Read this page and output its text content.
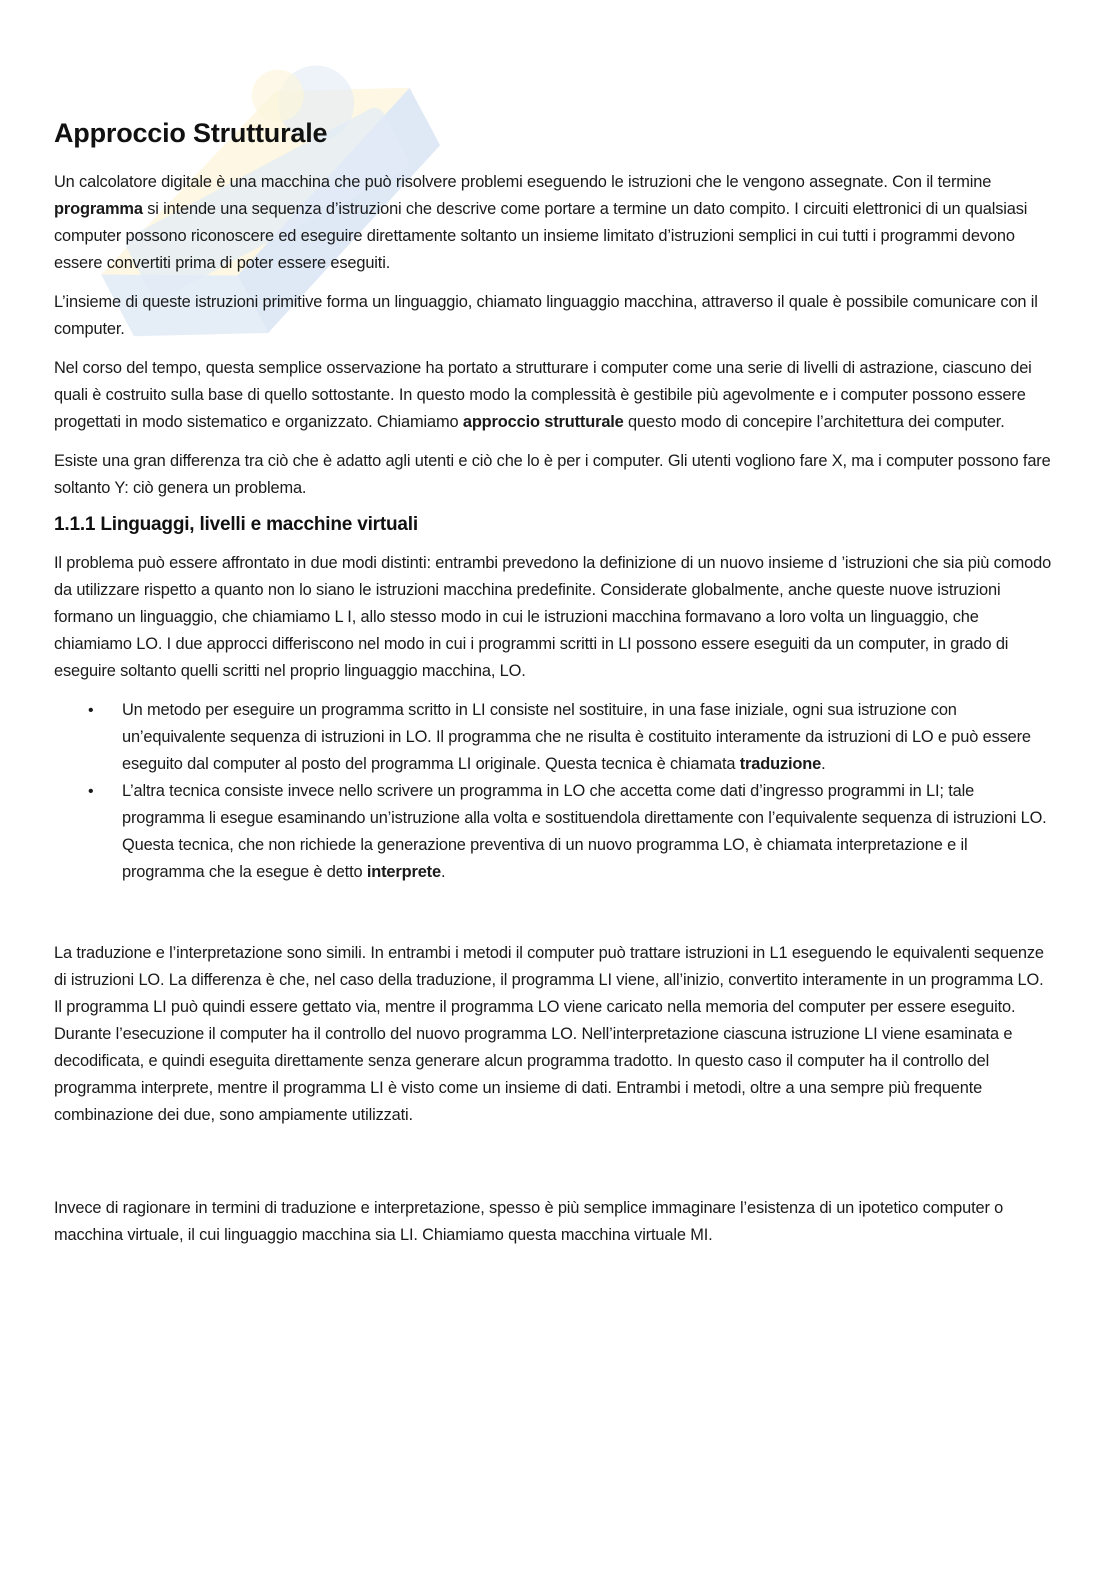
Approccio Strutturale

Un calcolatore digitale è una macchina che può risolvere problemi eseguendo le istruzioni che le vengono assegnate. Con il termine programma si intende una sequenza d’istruzioni che descrive come portare a termine un dato compito. I circuiti elettronici di un qualsiasi computer possono riconoscere ed eseguire direttamente soltanto un insieme limitato d’istruzioni semplici in cui tutti i programmi devono essere convertiti prima di poter essere eseguiti.

L’insieme di queste istruzioni primitive forma un linguaggio, chiamato linguaggio macchina, attraverso il quale è possibile comunicare con il computer.

Nel corso del tempo, questa semplice osservazione ha portato a strutturare i computer come una serie di livelli di astrazione, ciascuno dei quali è costruito sulla base di quello sottostante. In questo modo la complessità è gestibile più agevolmente e i computer possono essere progettati in modo sistematico e organizzato. Chiamiamo approccio strutturale questo modo di concepire l’architettura dei computer.

Esiste una gran differenza tra ciò che è adatto agli utenti e ciò che lo è per i computer. Gli utenti vogliono fare X, ma i computer possono fare soltanto Y: ciò genera un problema.

1.1.1 Linguaggi, livelli e macchine virtuali

Il problema può essere affrontato in due modi distinti: entrambi prevedono la definizione di un nuovo insieme d ’istruzioni che sia più comodo da utilizzare rispetto a quanto non lo siano le istruzioni macchina predefinite. Considerate globalmente, anche queste nuove istruzioni formano un linguaggio, che chiamiamo L I, allo stesso modo in cui le istruzioni macchina formavano a loro volta un linguaggio, che chiamiamo LO. I due approcci differiscono nel modo in cui i programmi scritti in LI possono essere eseguiti da un computer, in grado di eseguire soltanto quelli scritti nel proprio linguaggio macchina, LO.

• Un metodo per eseguire un programma scritto in LI consiste nel sostituire, in una fase iniziale, ogni sua istruzione con un’equivalente sequenza di istruzioni in LO. Il programma che ne risulta è costituito interamente da istruzioni di LO e può essere eseguito dal computer al posto del programma LI originale. Questa tecnica è chiamata traduzione.
• L’altra tecnica consiste invece nello scrivere un programma in LO che accetta come dati d’ingresso programmi in LI; tale programma li esegue esaminando un’istruzione alla volta e sostituendola direttamente con l’equivalente sequenza di istruzioni LO. Questa tecnica, che non richiede la generazione preventiva di un nuovo programma LO, è chiamata interpretazione e il programma che la esegue è detto interprete.

La traduzione e l’interpretazione sono simili. In entrambi i metodi il computer può trattare istruzioni in L1 eseguendo le equivalenti sequenze di istruzioni LO. La differenza è che, nel caso della traduzione, il programma LI viene, all’inizio, convertito interamente in un programma LO. Il programma LI può quindi essere gettato via, mentre il programma LO viene caricato nella memoria del computer per essere eseguito. Durante l’esecuzione il computer ha il controllo del nuovo programma LO. Nell’interpretazione ciascuna istruzione LI viene esaminata e decodificata, e quindi eseguita direttamente senza generare alcun programma tradotto. In questo caso il computer ha il controllo del programma interprete, mentre il programma LI è visto come un insieme di dati. Entrambi i metodi, oltre a una sempre più frequente combinazione dei due, sono ampiamente utilizzati.

Invece di ragionare in termini di traduzione e interpretazione, spesso è più semplice immaginare l’esistenza di un ipotetico computer o macchina virtuale, il cui linguaggio macchina sia LI. Chiamiamo questa macchina virtuale MI.
